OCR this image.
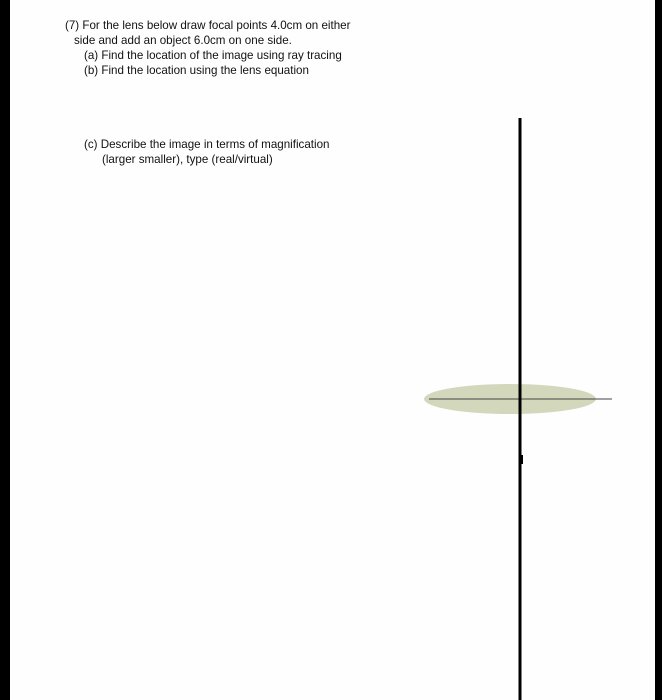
(7) For the lens below draw focal points 4.0cm on either
side and add an object 6.0cm on one side.
(a) Find the location of the image using ray tracing
(b) Find the location using the lens equation
(c) Describe the image in terms of magnification
(larger smaller), type (real/virtual)
